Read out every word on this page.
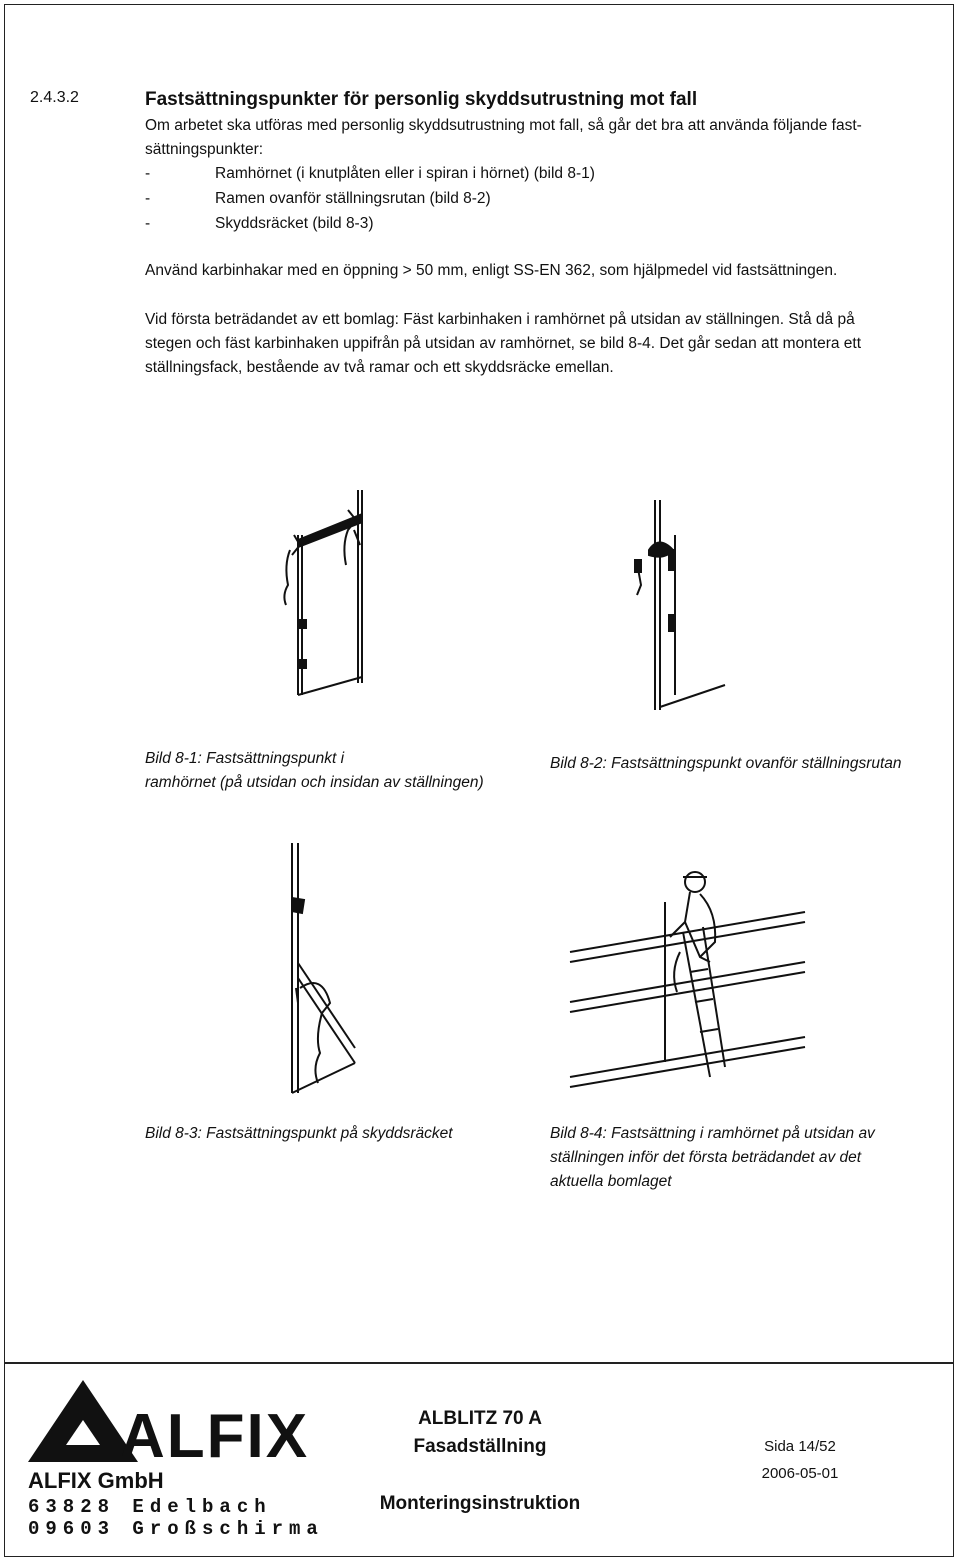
2.4.3.2	Fastsättningspunkter för personlig skyddsutrustning mot fall
Om arbetet ska utföras med personlig skyddsutrustning mot fall, så går det bra att använda följande fast-
sättningspunkter:
-	Ramhörnet (i knutplåten eller i spiran i hörnet) (bild 8-1)
-	Ramen ovanför ställningsrutan (bild 8-2)
-	Skyddsräcket (bild 8-3)
Använd karbinhakar med en öppning > 50 mm, enligt SS-EN 362, som hjälpmedel vid fastsättningen.
Vid första beträdandet av ett bomlag: Fäst karbinhaken i ramhörnet på utsidan av ställningen. Stå då på
stegen och fäst karbinhaken uppifrån på utsidan av ramhörnet, se bild 8-4. Det går sedan att montera ett
ställningsfack, bestående av två ramar och ett skyddsräcke emellan.
Bild 8-1: Fastsättningspunkt i
ramhörnet (på utsidan och insidan av ställningen)
Bild 8-2: Fastsättningspunkt ovanför ställningsrutan
Bild 8-3: Fastsättningspunkt på skyddsräcket	Bild 8-4: Fastsättning i ramhörnet på utsidan av
ställningen inför det första beträdandet av det
aktuella bomlaget
ALFIX
ALFIX GmbH
63828 Edelbach
09603 Großschirma
ALBLITZ 70 A
Fasadställning
Monteringsinstruktion
Sida 14/52
2006-05-01
